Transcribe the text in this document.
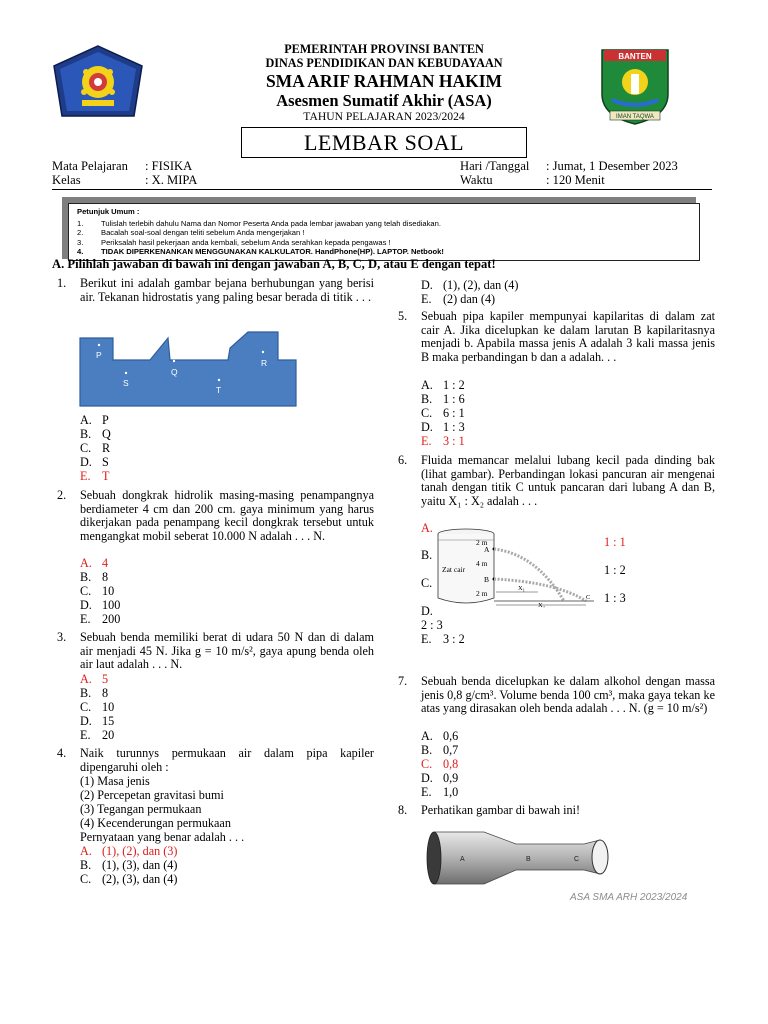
PEMERINTAH PROVINSI BANTEN
DINAS PENDIDIKAN DAN KEBUDAYAAN
SMA ARIF RAHMAN HAKIM
Asesmen Sumatif Akhir (ASA)
TAHUN PELAJARAN 2023/2024
BANTEN
IMAN TAQWA
LEMBAR SOAL
Mata Pelajaran : FISIKA
Kelas	: X. MIPA
Hari /Tanggal : Jumat, 1 Desember 2023
Waktu	: 120 Menit
Petunjuk Umum :
1.	Tulislah terlebih dahulu Nama dan Nomor Peserta Anda pada lembar jawaban yang telah disediakan.
2.	Bacalah soal-soal dengan teliti sebelum Anda mengerjakan !
3.	Periksalah hasil pekerjaan anda kembali, sebelum Anda serahkan kepada pengawas !
4.	TIDAK DIPERKENANKAN MENGGUNAKAN KALKULATOR. HandPhone(HP). LAPTOP. Netbook!
A. Pilihlah jawaban di bawah ini dengan jawaban A, B, C, D, atau E dengan tepat!
1. Berikut ini adalah gambar bejana berhubungan yang berisi air. Tekanan hidrostatis yang paling besar berada di titik . . .
P
Q
R
S
T
A. P
B. Q
C. R
D. S
E. T
2. Sebuah dongkrak hidrolik masing-masing penampangnya berdiameter 4 cm dan 200 cm. gaya minimum yang harus dikerjakan pada penampang kecil dongkrak tersebut untuk mengangkat mobil seberat 10.000 N adalah . . . N.
A. 4
B. 8
C. 10
D. 100
E. 200
3. Sebuah benda memiliki berat di udara 50 N dan di dalam air menjadi 45 N. Jika g = 10 m/s², gaya apung benda oleh air laut adalah . . . N.
A. 5
B. 8
C. 10
D. 15
E. 20
4. Naik turunnys permukaan air dalam pipa kapiler dipengaruhi oleh :
(1) Masa jenis
(2) Percepetan gravitasi bumi
(3) Tegangan permukaan
(4) Kecenderungan permukaan
Pernyataan yang benar adalah . . .
A. (1), (2), dan (3)
B. (1), (3), dan (4)
C. (2), (3), dan (4)
D. (1), (2), dan (4)
E. (2) dan (4)
5. Sebuah pipa kapiler mempunyai kapilaritas di dalam zat cair A. Jika dicelupkan ke dalam larutan B kapilaritasnya menjadi b. Apabila massa jenis A adalah 3 kali massa jenis B maka perbandingan b dan a adalah. . .
A. 1 : 2
B. 1 : 6
C. 6 : 1
D. 1 : 3
E. 3 : 1
6. Fluida memancar melalui lubang kecil pada dinding bak (lihat gambar). Perbandingan lokasi pancuran air mengenai tanah dengan titik C untuk pancaran dari lubang A dan B, yaitu X₁ : X₂ adalah . . .
2 m
4 m
2 m
Zat cair
A
B
X₁
X₂
C
A.
1 : 1
B.
1 : 2
C.
1 : 3
D.
2 : 3
E. 3 : 2
7. Sebuah benda dicelupkan ke dalam alkohol dengan massa jenis 0,8 g/cm³. Volume benda 100 cm³, maka gaya tekan ke atas yang dirasakan oleh benda adalah . . . N. (g = 10 m/s²)
A. 0,6
B. 0,7
C. 0,8
D. 0,9
E. 1,0
8. Perhatikan gambar di bawah ini!
A	B	C
ASA SMA ARH 2023/2024
